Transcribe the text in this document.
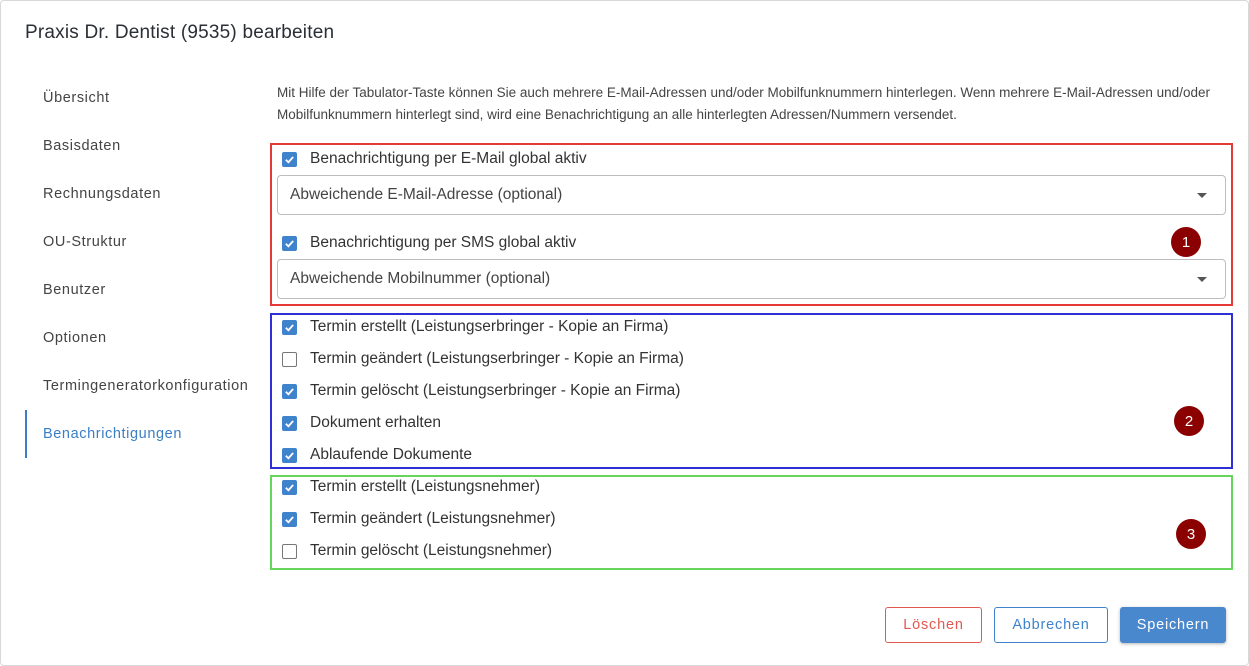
Praxis Dr. Dentist (9535) bearbeiten
Übersicht
Basisdaten
Rechnungsdaten
OU-Struktur
Benutzer
Optionen
Termingeneratorkonfiguration
Benachrichtigungen
Mit Hilfe der Tabulator-Taste können Sie auch mehrere E-Mail-Adressen und/oder Mobilfunknummern hinterlegen. Wenn mehrere E-Mail-Adressen und/oder Mobilfunknummern hinterlegt sind, wird eine Benachrichtigung an alle hinterlegten Adressen/Nummern versendet.
Benachrichtigung per E-Mail global aktiv
Abweichende E-Mail-Adresse (optional)
Benachrichtigung per SMS global aktiv
Abweichende Mobilnummer (optional)
Termin erstellt (Leistungserbringer - Kopie an Firma)
Termin geändert (Leistungserbringer - Kopie an Firma)
Termin gelöscht (Leistungserbringer - Kopie an Firma)
Dokument erhalten
Ablaufende Dokumente
Termin erstellt (Leistungsnehmer)
Termin geändert (Leistungsnehmer)
Termin gelöscht (Leistungsnehmer)
1
2
3
Löschen	Abbrechen	Speichern
